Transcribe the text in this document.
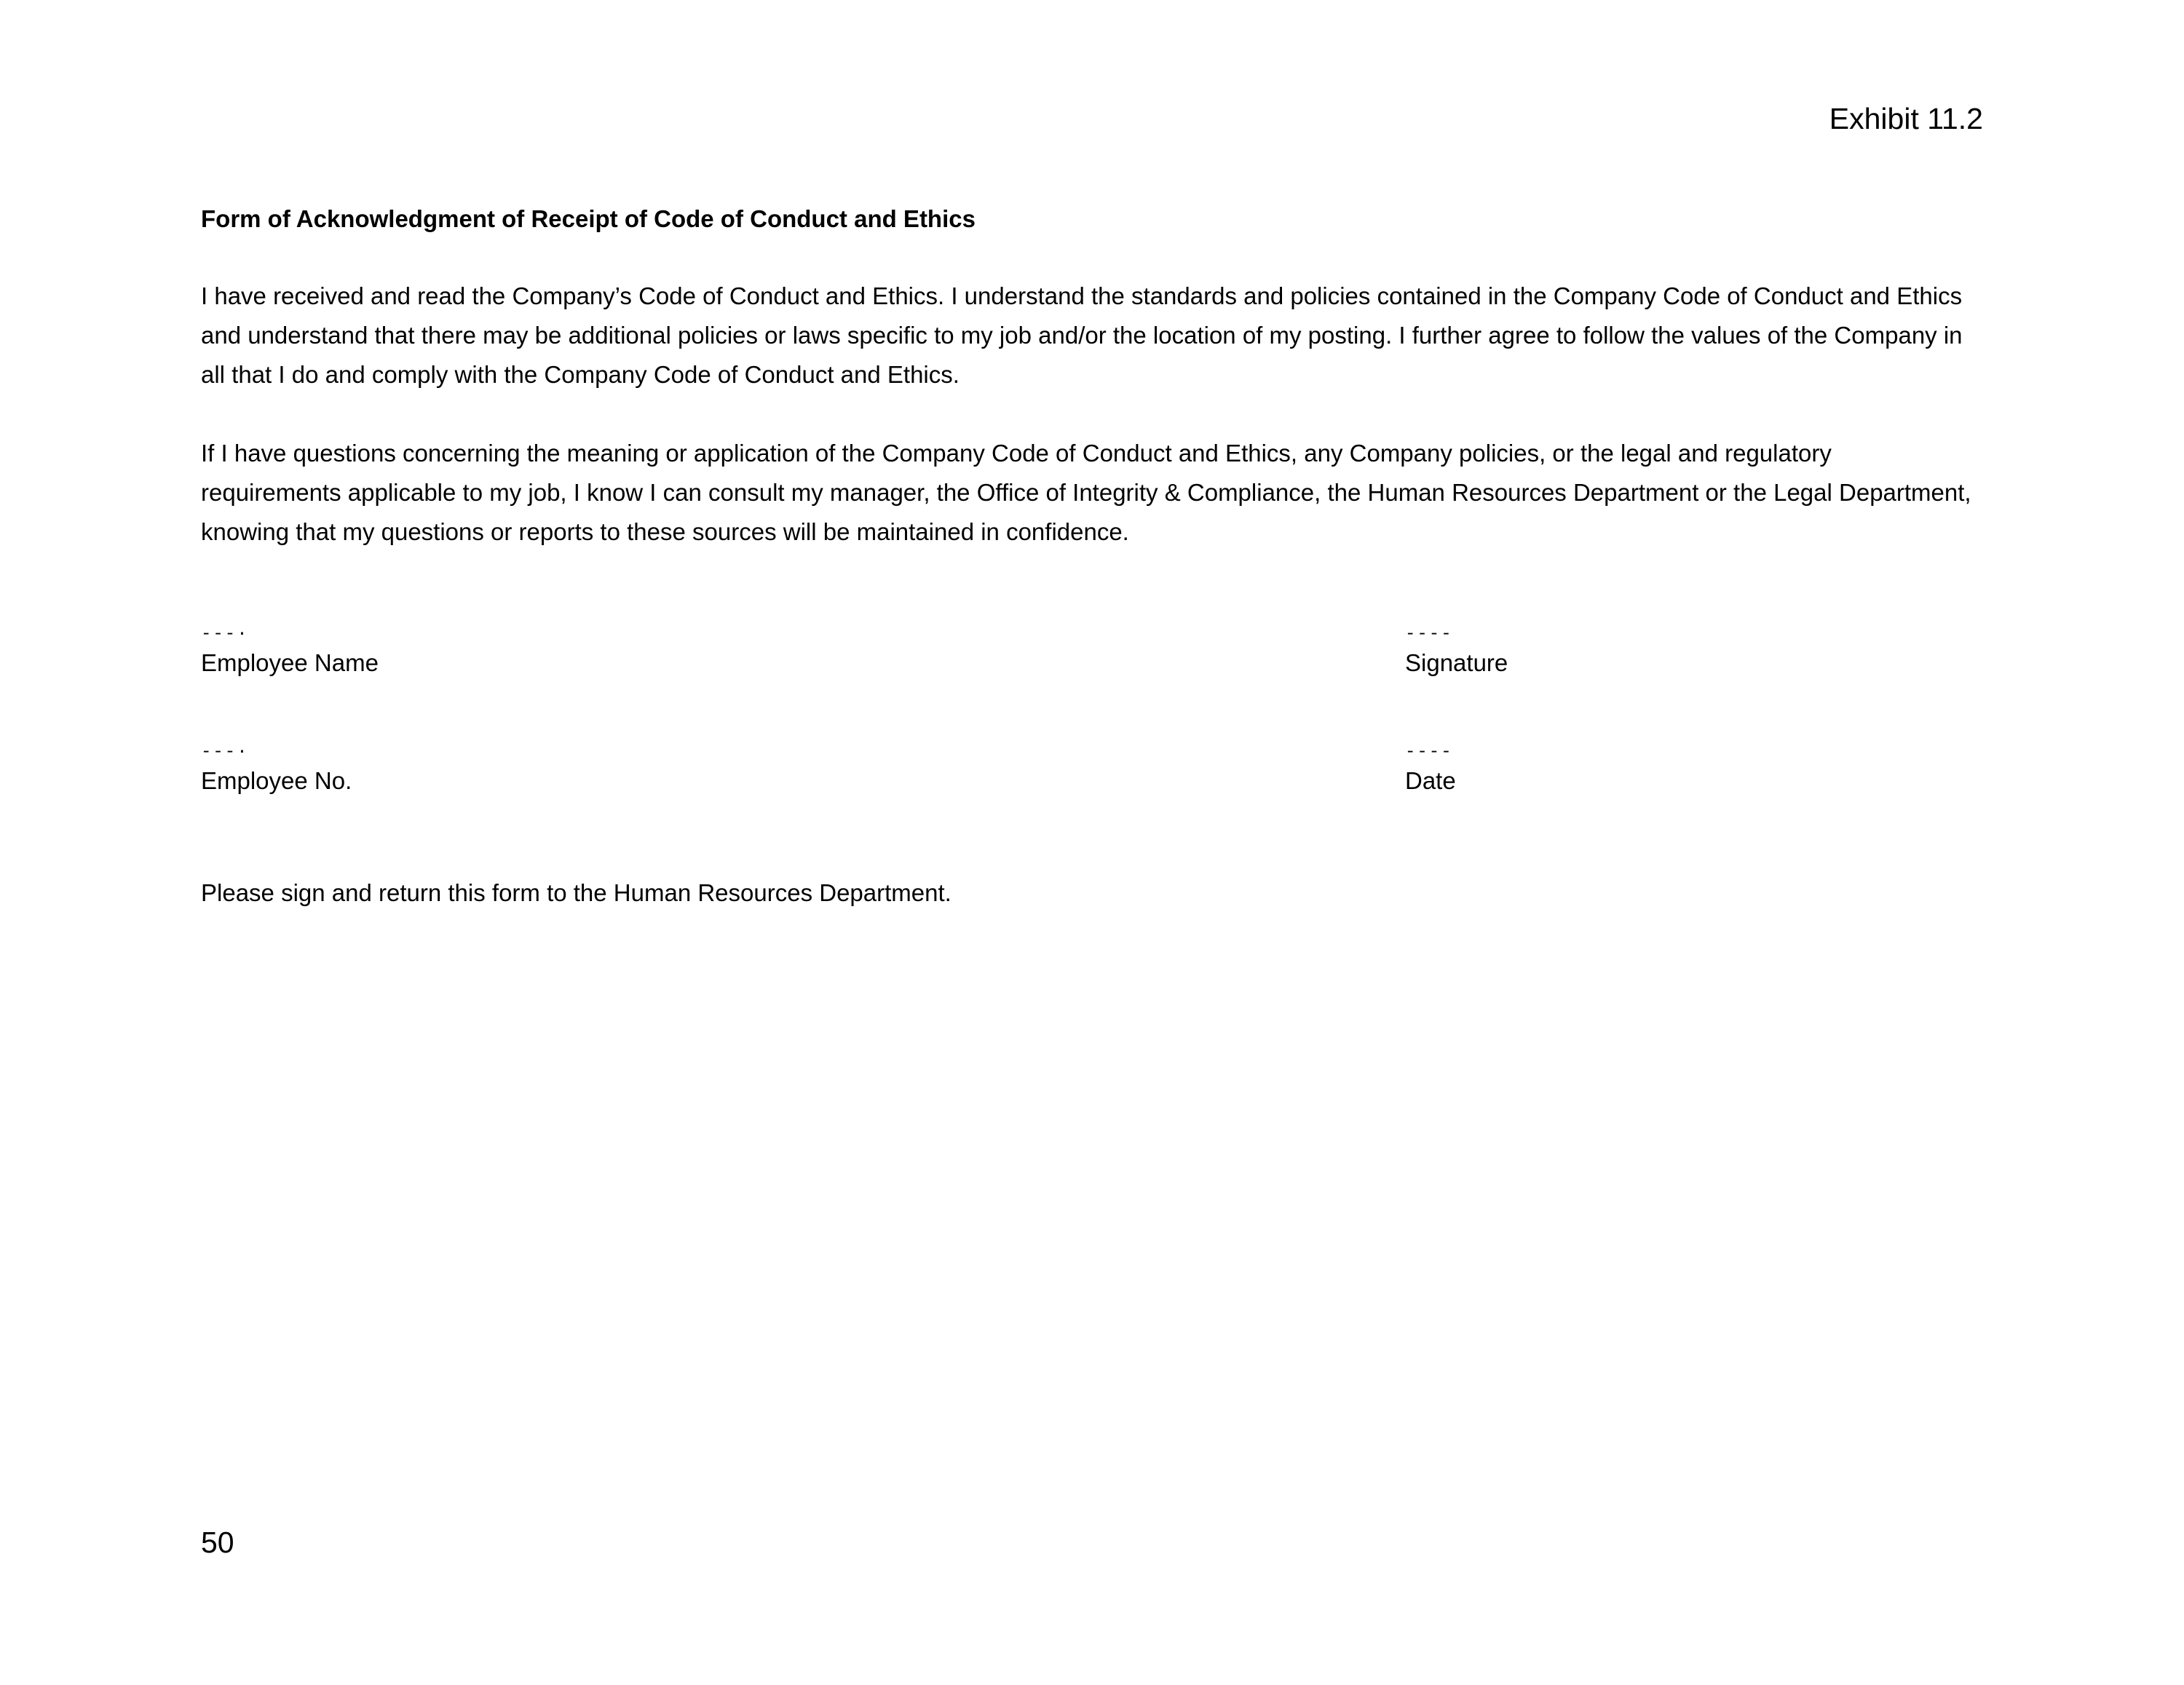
Exhibit 11.2
Form of Acknowledgment of Receipt of Code of Conduct and Ethics

I have received and read the Company’s Code of Conduct and Ethics. I understand the standards and policies contained in the Company Code of Conduct and Ethics and understand that there may be additional policies or laws specific to my job and/or the location of my posting. I further agree to follow the values of the Company in all that I do and comply with the Company Code of Conduct and Ethics.

If I have questions concerning the meaning or application of the Company Code of Conduct and Ethics, any Company policies, or the legal and regulatory requirements applicable to my job, I know I can consult my manager, the Office of Integrity & Compliance, the Human Resources Department or the Legal Department, knowing that my questions or reports to these sources will be maintained in confidence.

---·
Employee Name
----
Signature
---·
Employee No.
----
Date
Please sign and return this form to the Human Resources Department.
50
